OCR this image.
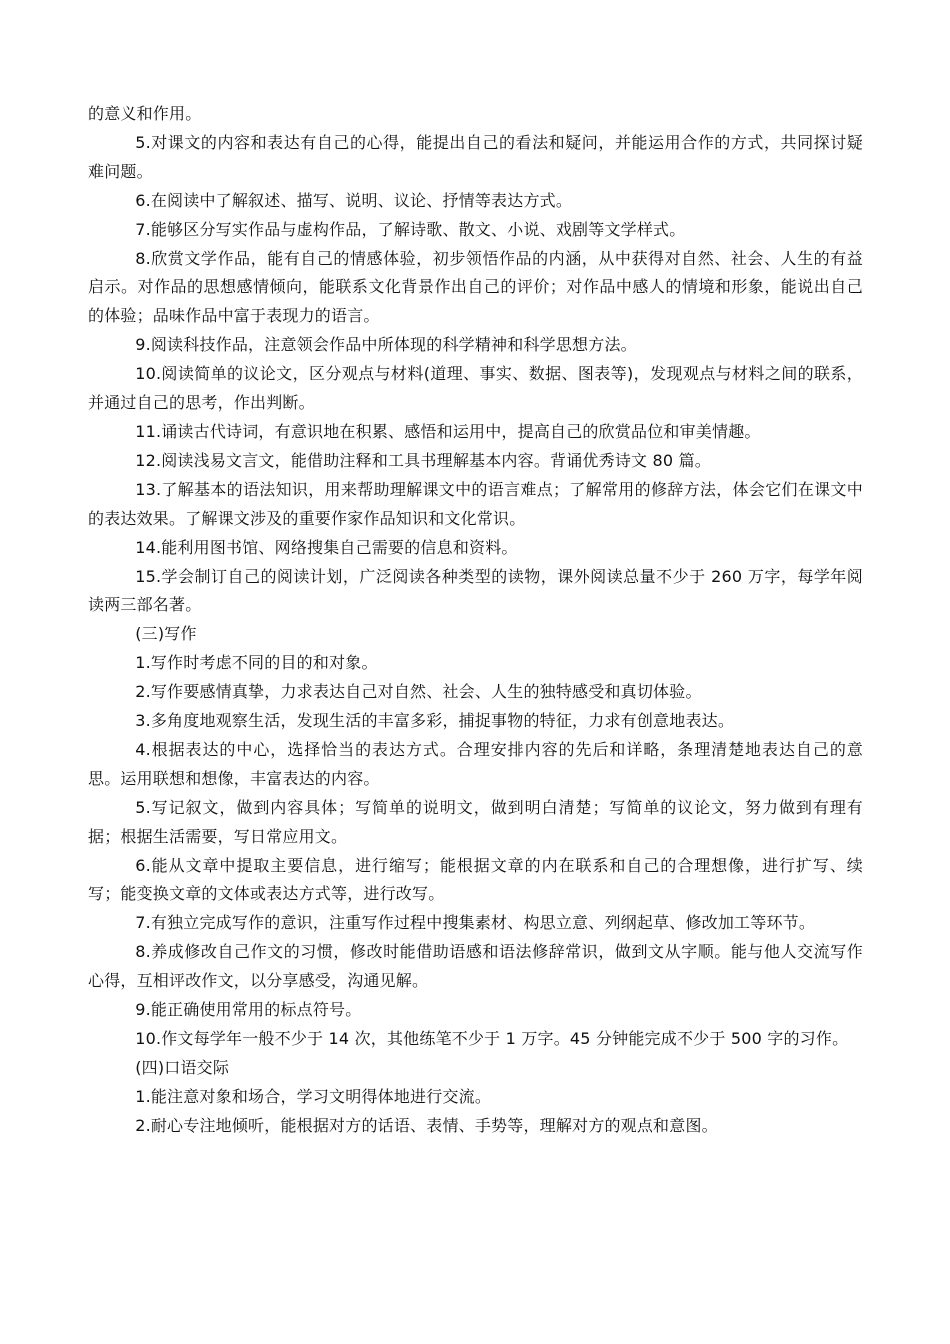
的意义和作用。

5.对课文的内容和表达有自己的心得，能提出自己的看法和疑问，并能运用合作的方式，共同探讨疑难问题。

6.在阅读中了解叙述、描写、说明、议论、抒情等表达方式。

7.能够区分写实作品与虚构作品，了解诗歌、散文、小说、戏剧等文学样式。

8.欣赏文学作品，能有自己的情感体验，初步领悟作品的内涵，从中获得对自然、社会、人生的有益启示。对作品的思想感情倾向，能联系文化背景作出自己的评价；对作品中感人的情境和形象，能说出自己的体验；品味作品中富于表现力的语言。

9.阅读科技作品，注意领会作品中所体现的科学精神和科学思想方法。

10.阅读简单的议论文，区分观点与材料(道理、事实、数据、图表等)，发现观点与材料之间的联系，并通过自己的思考，作出判断。

11.诵读古代诗词，有意识地在积累、感悟和运用中，提高自己的欣赏品位和审美情趣。

12.阅读浅易文言文，能借助注释和工具书理解基本内容。背诵优秀诗文 80 篇。

13.了解基本的语法知识，用来帮助理解课文中的语言难点；了解常用的修辞方法，体会它们在课文中的表达效果。了解课文涉及的重要作家作品知识和文化常识。

14.能利用图书馆、网络搜集自己需要的信息和资料。

15.学会制订自己的阅读计划，广泛阅读各种类型的读物，课外阅读总量不少于 260 万字，每学年阅读两三部名著。

(三)写作

1.写作时考虑不同的目的和对象。

2.写作要感情真挚，力求表达自己对自然、社会、人生的独特感受和真切体验。

3.多角度地观察生活，发现生活的丰富多彩，捕捉事物的特征，力求有创意地表达。

4.根据表达的中心，选择恰当的表达方式。合理安排内容的先后和详略，条理清楚地表达自己的意思。运用联想和想像，丰富表达的内容。

5.写记叙文，做到内容具体；写简单的说明文，做到明白清楚；写简单的议论文，努力做到有理有据；根据生活需要，写日常应用文。

6.能从文章中提取主要信息，进行缩写；能根据文章的内在联系和自己的合理想像，进行扩写、续写；能变换文章的文体或表达方式等，进行改写。

7.有独立完成写作的意识，注重写作过程中搜集素材、构思立意、列纲起草、修改加工等环节。

8.养成修改自己作文的习惯，修改时能借助语感和语法修辞常识，做到文从字顺。能与他人交流写作心得，互相评改作文，以分享感受，沟通见解。

9.能正确使用常用的标点符号。

10.作文每学年一般不少于 14 次，其他练笔不少于 1 万字。45 分钟能完成不少于 500 字的习作。

(四)口语交际

1.能注意对象和场合，学习文明得体地进行交流。

2.耐心专注地倾听，能根据对方的话语、表情、手势等，理解对方的观点和意图。
